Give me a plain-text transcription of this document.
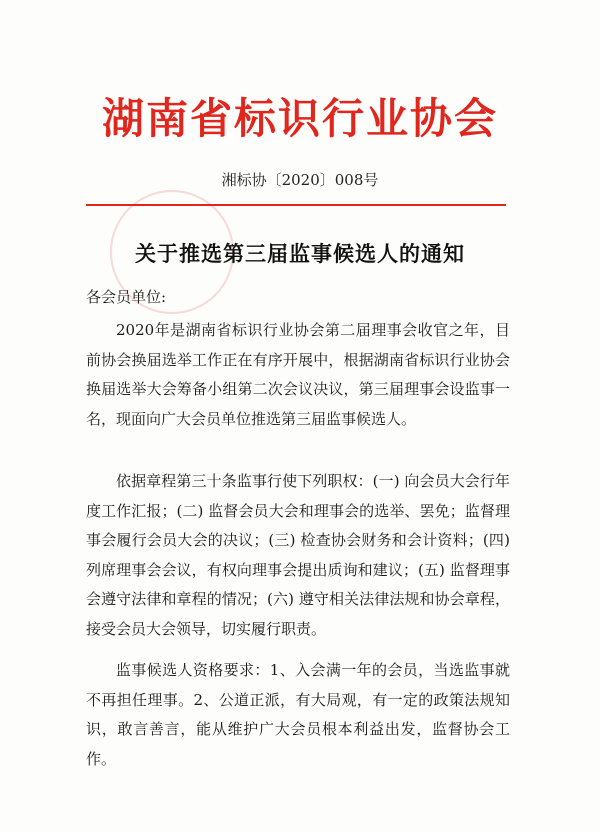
湖南省标识行业协会
湘标协〔2020〕008号
关于推选第三届监事候选人的通知
各会员单位:

2020年是湖南省标识行业协会第二届理事会收官之年，目前协会换届选举工作正在有序开展中，根据湖南省标识行业协会换届选举大会筹备小组第二次会议决议，第三届理事会设监事一名，现面向广大会员单位推选第三届监事候选人。

依据章程第三十条监事行使下列职权：(一) 向会员大会行年度工作汇报；(二) 监督会员大会和理事会的选举、罢免；监督理事会履行会员大会的决议；(三) 检查协会财务和会计资料；(四) 列席理事会会议，有权向理事会提出质询和建议；(五) 监督理事会遵守法律和章程的情况；(六) 遵守相关法律法规和协会章程，接受会员大会领导，切实履行职责。

监事候选人资格要求：1、入会满一年的会员，当选监事就不再担任理事。2、公道正派，有大局观，有一定的政策法规知识，敢言善言，能从维护广大会员根本利益出发，监督协会工作。
